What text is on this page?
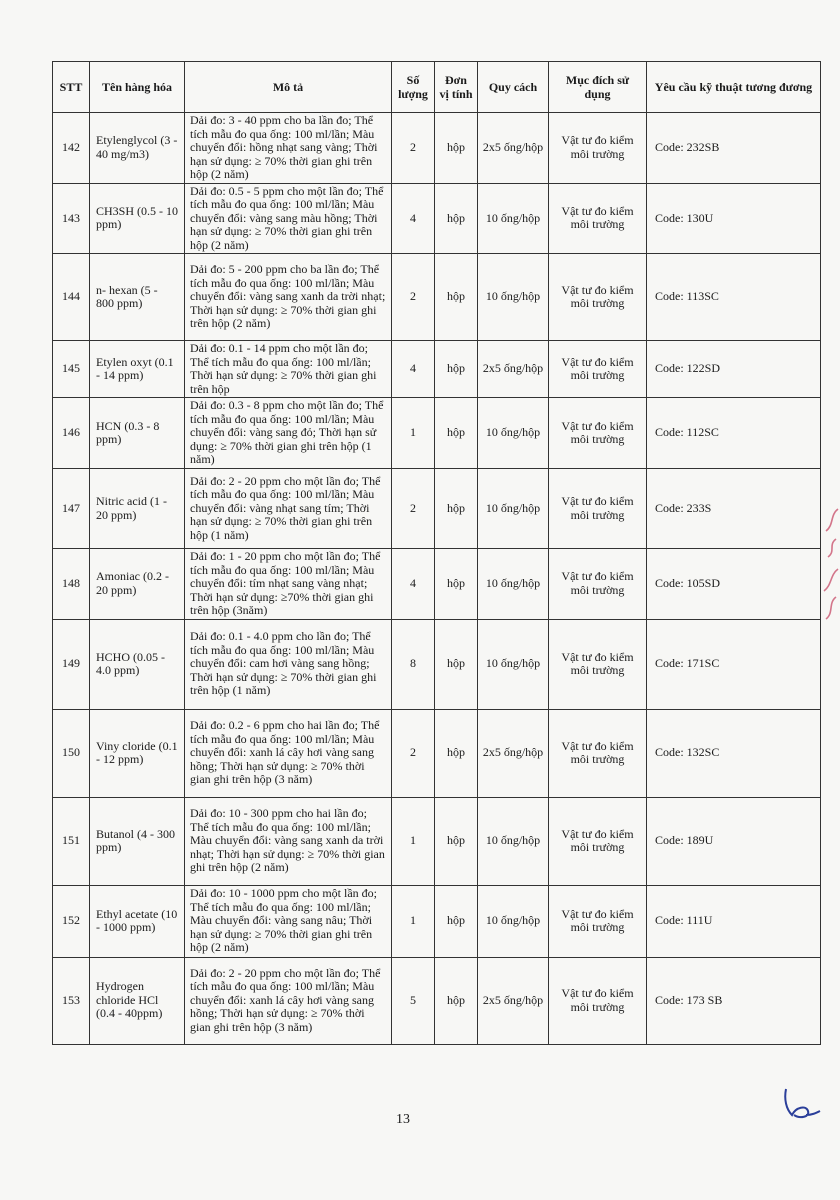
STT	Tên hàng hóa	Mô tả	Số lượng	Đơn vị tính	Quy cách	Mục đích sử dụng	Yêu cầu kỹ thuật tương đương
142	Etylenglycol (3 - 40 mg/m3)	Dải đo: 3 - 40 ppm cho ba lần đo; Thể tích mẫu đo qua ống: 100 ml/lần; Màu chuyển đổi: hồng nhạt sang vàng; Thời hạn sử dụng: ≥ 70% thời gian ghi trên hộp (2 năm)	2	hộp	2x5 ống/hộp	Vật tư đo kiểm môi trường	Code: 232SB
143	CH3SH (0.5 - 10 ppm)	Dải đo: 0.5 - 5 ppm cho một lần đo; Thể tích mẫu đo qua ống: 100 ml/lần; Màu chuyển đổi: vàng sang màu hồng; Thời hạn sử dụng: ≥ 70% thời gian ghi trên hộp (2 năm)	4	hộp	10 ống/hộp	Vật tư đo kiểm môi trường	Code: 130U
144	n- hexan (5 - 800 ppm)	Dải đo: 5 - 200 ppm cho ba lần đo; Thể tích mẫu đo qua ống: 100 ml/lần; Màu chuyển đổi: vàng sang xanh da trời nhạt; Thời hạn sử dụng: ≥ 70% thời gian ghi trên hộp (2 năm)	2	hộp	10 ống/hộp	Vật tư đo kiểm môi trường	Code: 113SC
145	Etylen oxyt (0.1 - 14 ppm)	Dải đo: 0.1 - 14 ppm cho một lần đo; Thể tích mẫu đo qua ống: 100 ml/lần; Thời hạn sử dụng: ≥ 70% thời gian ghi trên hộp	4	hộp	2x5 ống/hộp	Vật tư đo kiểm môi trường	Code: 122SD
146	HCN (0.3 - 8 ppm)	Dải đo: 0.3 - 8 ppm cho một lần đo; Thể tích mẫu đo qua ống: 100 ml/lần; Màu chuyển đổi: vàng sang đỏ; Thời hạn sử dụng: ≥ 70% thời gian ghi trên hộp (1 năm)	1	hộp	10 ống/hộp	Vật tư đo kiểm môi trường	Code: 112SC
147	Nitric acid (1 - 20 ppm)	Dải đo: 2 - 20 ppm cho một lần đo; Thể tích mẫu đo qua ống: 100 ml/lần; Màu chuyển đổi: vàng nhạt sang tím; Thời hạn sử dụng: ≥ 70% thời gian ghi trên hộp (1 năm)	2	hộp	10 ống/hộp	Vật tư đo kiểm môi trường	Code: 233S
148	Amoniac (0.2 - 20 ppm)	Dải đo: 1 - 20 ppm cho một lần đo; Thể tích mẫu đo qua ống: 100 ml/lần; Màu chuyển đổi: tím nhạt sang vàng nhạt; Thời hạn sử dụng: ≥70% thời gian ghi trên hộp (3năm)	4	hộp	10 ống/hộp	Vật tư đo kiểm môi trường	Code: 105SD
149	HCHO (0.05 - 4.0 ppm)	Dải đo: 0.1 - 4.0 ppm cho lần đo; Thể tích mẫu đo qua ống: 100 ml/lần; Màu chuyển đổi: cam hơi vàng sang hồng; Thời hạn sử dụng: ≥ 70% thời gian ghi trên hộp (1 năm)	8	hộp	10 ống/hộp	Vật tư đo kiểm môi trường	Code: 171SC
150	Viny cloride (0.1 - 12 ppm)	Dải đo: 0.2 - 6 ppm cho hai lần đo; Thể tích mẫu đo qua ống: 100 ml/lần; Màu chuyển đổi: xanh lá cây hơi vàng sang hồng; Thời hạn sử dụng: ≥ 70% thời gian ghi trên hộp (3 năm)	2	hộp	2x5 ống/hộp	Vật tư đo kiểm môi trường	Code: 132SC
151	Butanol (4 - 300 ppm)	Dải đo: 10 - 300 ppm cho hai lần đo; Thể tích mẫu đo qua ống: 100 ml/lần; Màu chuyển đổi: vàng sang xanh da trời nhạt; Thời hạn sử dụng: ≥ 70% thời gian ghi trên hộp (2 năm)	1	hộp	10 ống/hộp	Vật tư đo kiểm môi trường	Code: 189U
152	Ethyl acetate (10 - 1000 ppm)	Dải đo: 10 - 1000 ppm cho một lần đo; Thể tích mẫu đo qua ống: 100 ml/lần; Màu chuyển đổi: vàng sang nâu; Thời hạn sử dụng: ≥ 70% thời gian ghi trên hộp (2 năm)	1	hộp	10 ống/hộp	Vật tư đo kiểm môi trường	Code: 111U
153	Hydrogen chloride HCl (0.4 - 40ppm)	Dải đo: 2 - 20 ppm cho một lần đo; Thể tích mẫu đo qua ống: 100 ml/lần; Màu chuyển đổi: xanh lá cây hơi vàng sang hồng; Thời hạn sử dụng: ≥ 70% thời gian ghi trên hộp (3 năm)	5	hộp	2x5 ống/hộp	Vật tư đo kiểm môi trường	Code: 173 SB
13
